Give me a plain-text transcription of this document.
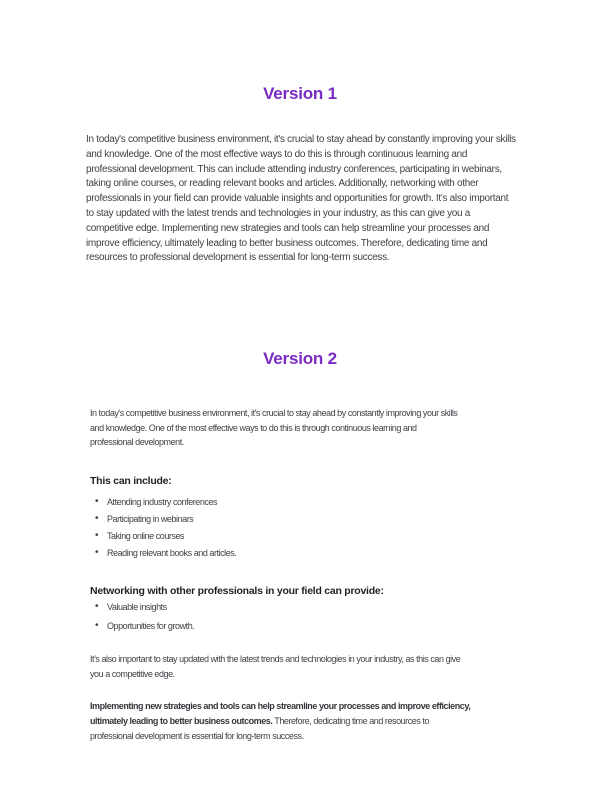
Version 1

In today's competitive business environment, it's crucial to stay ahead by constantly improving your skills and knowledge. One of the most effective ways to do this is through continuous learning and professional development. This can include attending industry conferences, participating in webinars, taking online courses, or reading relevant books and articles. Additionally, networking with other professionals in your field can provide valuable insights and opportunities for growth. It's also important to stay updated with the latest trends and technologies in your industry, as this can give you a competitive edge. Implementing new strategies and tools can help streamline your processes and improve efficiency, ultimately leading to better business outcomes. Therefore, dedicating time and resources to professional development is essential for long-term success.

Version 2

In today's competitive business environment, it's crucial to stay ahead by constantly improving your skills and knowledge. One of the most effective ways to do this is through continuous learning and professional development.

This can include:
• Attending industry conferences
• Participating in webinars
• Taking online courses
• Reading relevant books and articles.
Networking with other professionals in your field can provide:
• Valuable insights
• Opportunities for growth.

It's also important to stay updated with the latest trends and technologies in your industry, as this can give you a competitive edge.

Implementing new strategies and tools can help streamline your processes and improve efficiency, ultimately leading to better business outcomes. Therefore, dedicating time and resources to professional development is essential for long-term success.
